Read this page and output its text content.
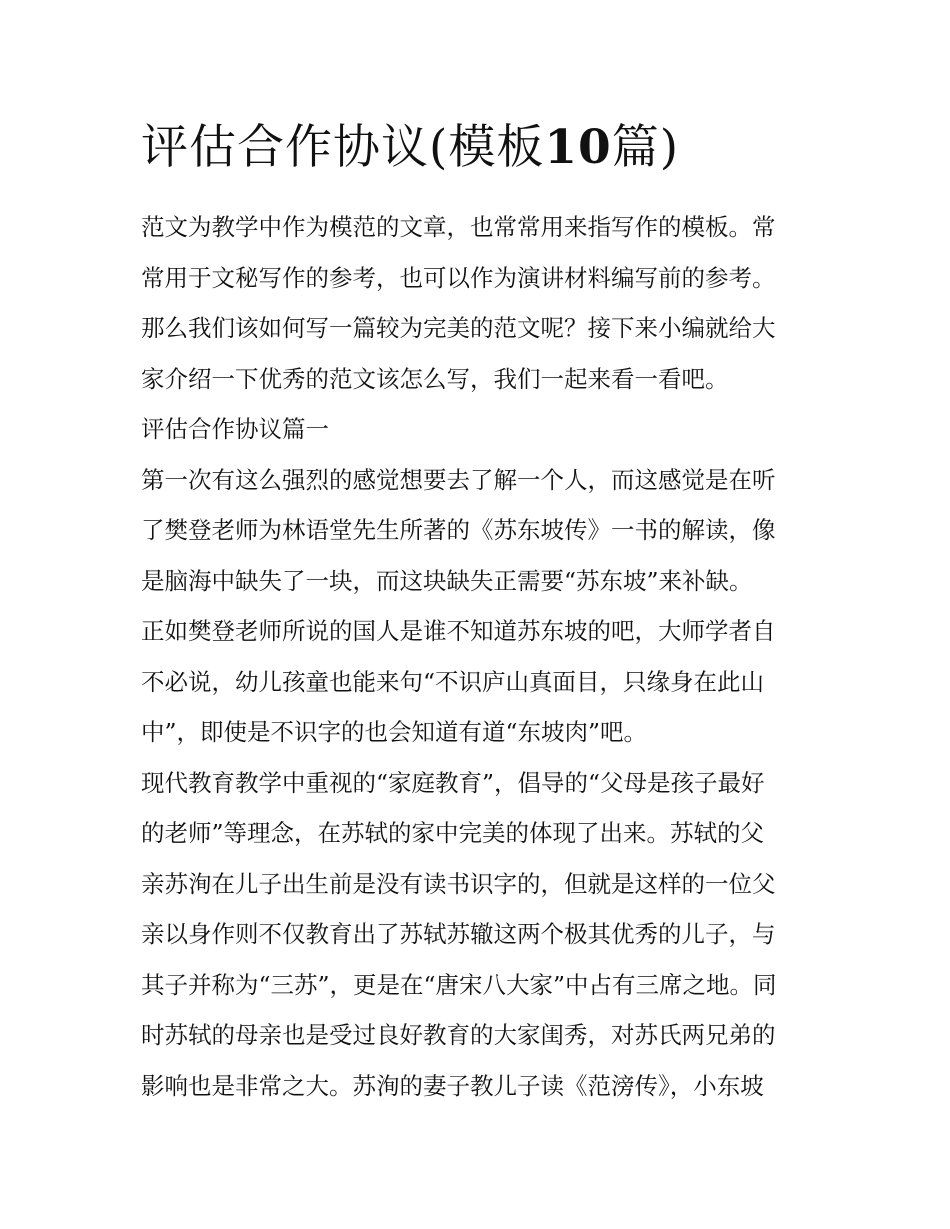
评估合作协议(模板10篇)

范文为教学中作为模范的文章，也常常用来指写作的模板。常
常用于文秘写作的参考，也可以作为演讲材料编写前的参考。
那么我们该如何写一篇较为完美的范文呢？接下来小编就给大
家介绍一下优秀的范文该怎么写，我们一起来看一看吧。

评估合作协议篇一

第一次有这么强烈的感觉想要去了解一个人，而这感觉是在听
了樊登老师为林语堂先生所著的《苏东坡传》一书的解读，像
是脑海中缺失了一块，而这块缺失正需要“苏东坡”来补缺。

正如樊登老师所说的国人是谁不知道苏东坡的吧，大师学者自
不必说，幼儿孩童也能来句“不识庐山真面目，只缘身在此山
中”，即使是不识字的也会知道有道“东坡肉”吧。

现代教育教学中重视的“家庭教育”，倡导的“父母是孩子最好
的老师”等理念，在苏轼的家中完美的体现了出来。苏轼的父
亲苏洵在儿子出生前是没有读书识字的，但就是这样的一位父
亲以身作则不仅教育出了苏轼苏辙这两个极其优秀的儿子，与
其子并称为“三苏”，更是在“唐宋八大家”中占有三席之地。同
时苏轼的母亲也是受过良好教育的大家闺秀，对苏氏两兄弟的
影响也是非常之大。苏洵的妻子教儿子读《范滂传》，小东坡
